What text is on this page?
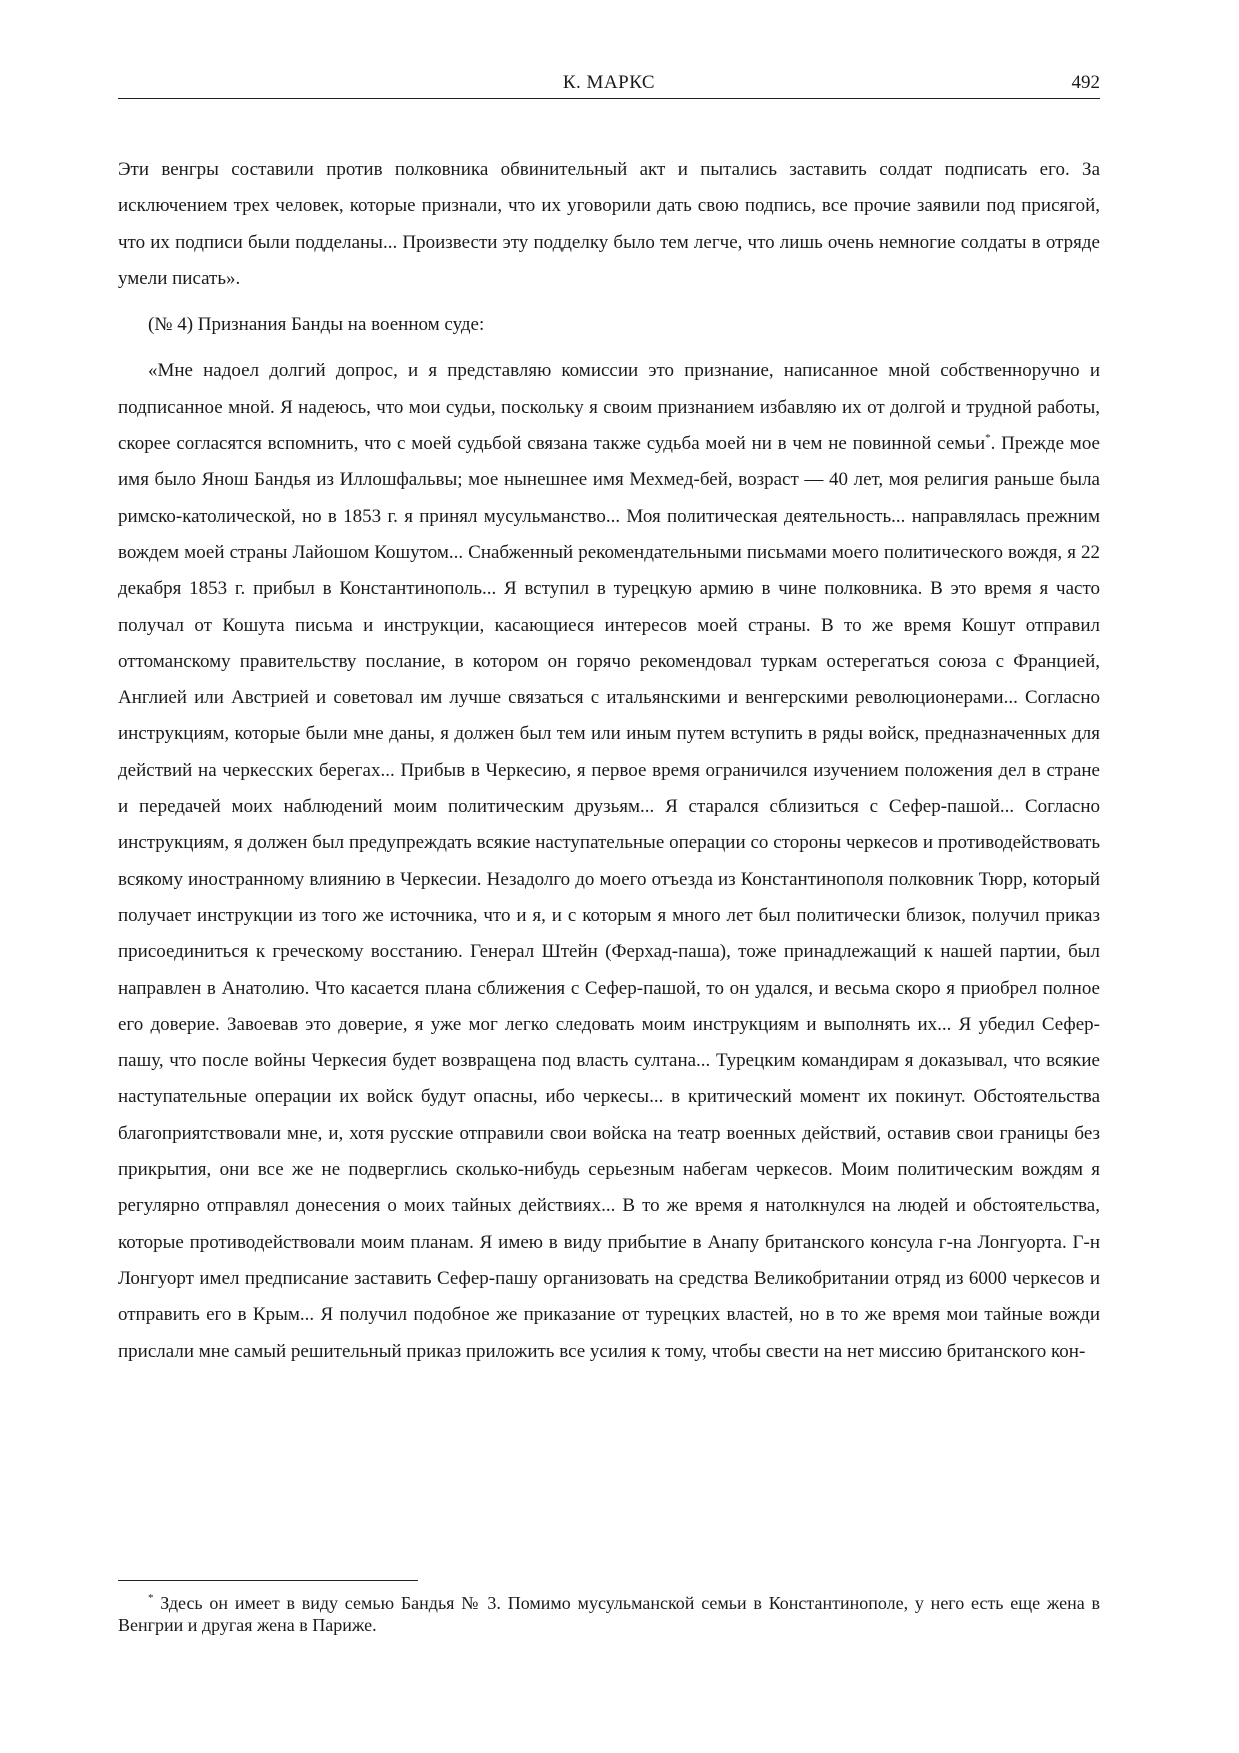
К. МАРКС	492

Эти венгры составили против полковника обвинительный акт и пытались заставить солдат подписать его. За исключением трех человек, которые признали, что их уговорили дать свою подпись, все прочие заявили под присягой, что их подписи были подделаны... Произвести эту подделку было тем легче, что лишь очень немногие солдаты в отряде умели писать».

(№ 4) Признания Банды на военном суде:

«Мне надоел долгий допрос, и я представляю комиссии это признание, написанное мной собственноручно и подписанное мной. Я надеюсь, что мои судьи, поскольку я своим признанием избавляю их от долгой и трудной работы, скорее согласятся вспомнить, что с моей судьбой связана также судьба моей ни в чем не повинной семьи*. Прежде мое имя было Янош Бандья из Иллошфальвы; мое нынешнее имя Мехмед-бей, возраст — 40 лет, моя религия раньше была римско-католической, но в 1853 г. я принял мусульманство... Моя политическая деятельность... направлялась прежним вождем моей страны Лайошом Кошутом... Снабженный рекомендательными письмами моего политического вождя, я 22 декабря 1853 г. прибыл в Константинополь... Я вступил в турецкую армию в чине полковника. В это время я часто получал от Кошута письма и инструкции, касающиеся интересов моей страны. В то же время Кошут отправил оттоманскому правительству послание, в котором он горячо рекомендовал туркам остерегаться союза с Францией, Англией или Австрией и советовал им лучше связаться с итальянскими и венгерскими революционерами... Согласно инструкциям, которые были мне даны, я должен был тем или иным путем вступить в ряды войск, предназначенных для действий на черкесских берегах... Прибыв в Черкесию, я первое время ограничился изучением положения дел в стране и передачей моих наблюдений моим политическим друзьям... Я старался сблизиться с Сефер-пашой... Согласно инструкциям, я должен был предупреждать всякие наступательные операции со стороны черкесов и противодействовать всякому иностранному влиянию в Черкесии. Незадолго до моего отъезда из Константинополя полковник Тюрр, который получает инструкции из того же источника, что и я, и с которым я много лет был политически близок, получил приказ присоединиться к греческому восстанию. Генерал Штейн (Ферхад-паша), тоже принадлежащий к нашей партии, был направлен в Анатолию. Что касается плана сближения с Сефер-пашой, то он удался, и весьма скоро я приобрел полное его доверие. Завоевав это доверие, я уже мог легко следовать моим инструкциям и выполнять их... Я убедил Сефер-пашу, что после войны Черкесия будет возвращена под власть султана... Турецким командирам я доказывал, что всякие наступательные операции их войск будут опасны, ибо черкесы... в критический момент их покинут. Обстоятельства благоприятствовали мне, и, хотя русские отправили свои войска на театр военных действий, оставив свои границы без прикрытия, они все же не подверглись сколько-нибудь серьезным набегам черкесов. Моим политическим вождям я регулярно отправлял донесения о моих тайных действиях... В то же время я натолкнулся на людей и обстоятельства, которые противодействовали моим планам. Я имею в виду прибытие в Анапу британского консула г-на Лонгуорта. Г-н Лонгуорт имел предписание заставить Сефер-пашу организовать на средства Великобритании отряд из 6000 черкесов и отправить его в Крым... Я получил подобное же приказание от турецких властей, но в то же время мои тайные вожди прислали мне самый решительный приказ приложить все усилия к тому, чтобы свести на нет миссию британского кон-

* Здесь он имеет в виду семью Бандья № 3. Помимо мусульманской семьи в Константинополе, у него есть еще жена в Венгрии и другая жена в Париже.
